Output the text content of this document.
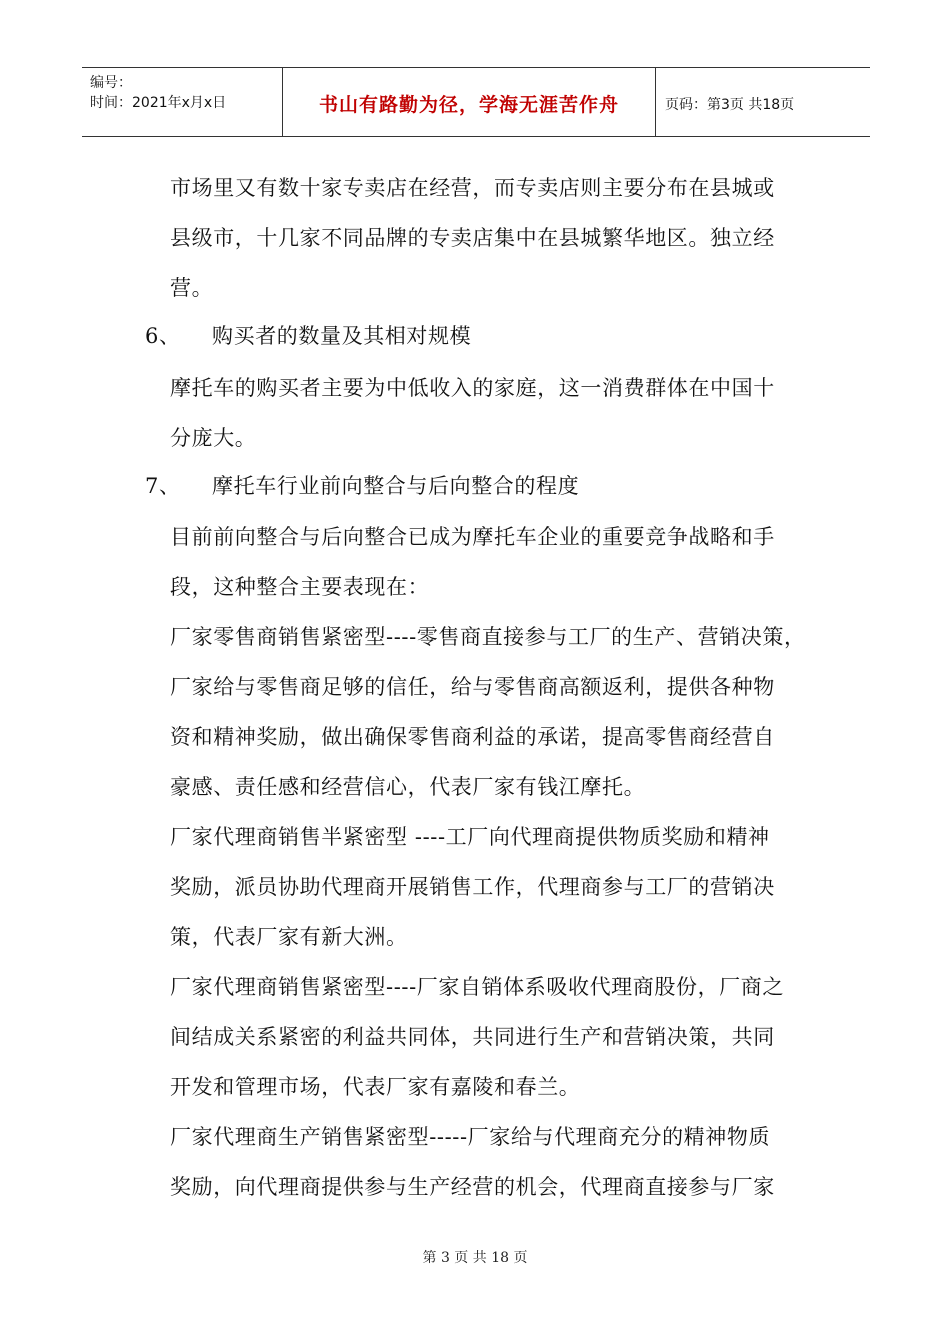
编号：
时间：2021年x月x日	书山有路勤为径，学海无涯苦作舟	页码：第3页 共18页
市场里又有数十家专卖店在经营，而专卖店则主要分布在县城或
县级市，十几家不同品牌的专卖店集中在县城繁华地区。独立经
营。
6、 购买者的数量及其相对规模
摩托车的购买者主要为中低收入的家庭，这一消费群体在中国十
分庞大。
7、 摩托车行业前向整合与后向整合的程度
目前前向整合与后向整合已成为摩托车企业的重要竞争战略和手
段，这种整合主要表现在：
厂家零售商销售紧密型----零售商直接参与工厂的生产、营销决策，
厂家给与零售商足够的信任，给与零售商高额返利，提供各种物
资和精神奖励，做出确保零售商利益的承诺，提高零售商经营自
豪感、责任感和经营信心，代表厂家有钱江摩托。
厂家代理商销售半紧密型 ----工厂向代理商提供物质奖励和精神
奖励，派员协助代理商开展销售工作，代理商参与工厂的营销决
策，代表厂家有新大洲。
厂家代理商销售紧密型----厂家自销体系吸收代理商股份，厂商之
间结成关系紧密的利益共同体，共同进行生产和营销决策，共同
开发和管理市场，代表厂家有嘉陵和春兰。
厂家代理商生产销售紧密型-----厂家给与代理商充分的精神物质
奖励，向代理商提供参与生产经营的机会，代理商直接参与厂家
第 3 页 共 18 页
